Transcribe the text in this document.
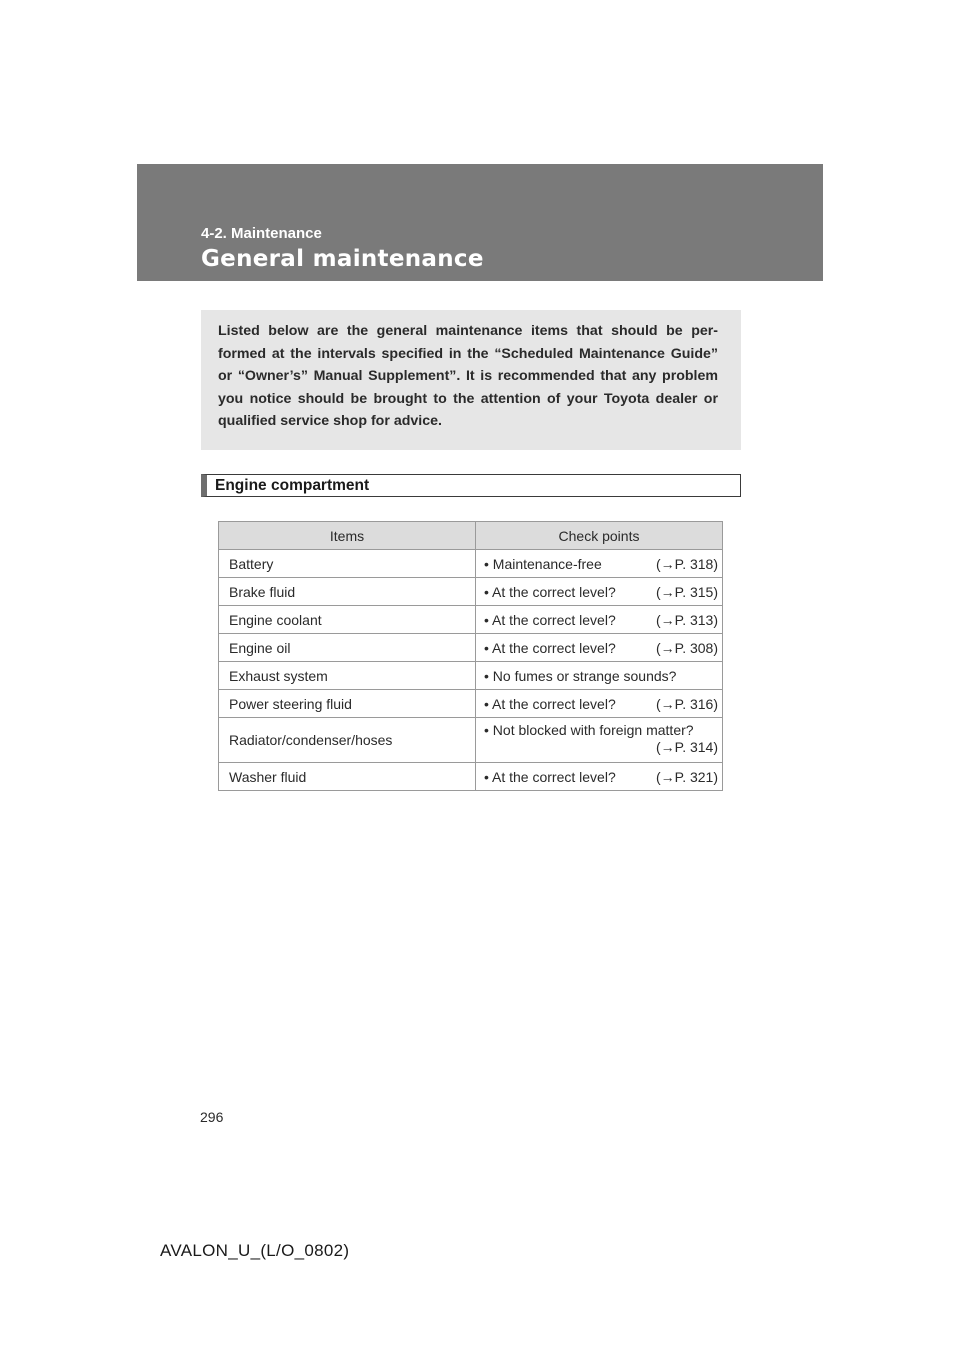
4-2. Maintenance
General maintenance

Listed below are the general maintenance items that should be per-formed at the intervals specified in the “Scheduled Maintenance Guide” or “Owner’s” Manual Supplement”. It is recommended that any problem you notice should be brought to the attention of your Toyota dealer or qualified service shop for advice.

Engine compartment
Items	Check points
Battery	• Maintenance-free (→P. 318)

Brake fluid	• At the correct level? (→P. 315)

Engine coolant	• At the correct level? (→P. 313)

Engine oil	• At the correct level? (→P. 308)

Exhaust system	• No fumes or strange sounds?

Power steering fluid	• At the correct level? (→P. 316)

Radiator/condenser/hoses	• Not blocked with foreign matter?
(→P. 314)

Washer fluid	• At the correct level? (→P. 321)
296
AVALON_U_(L/O_0802)
